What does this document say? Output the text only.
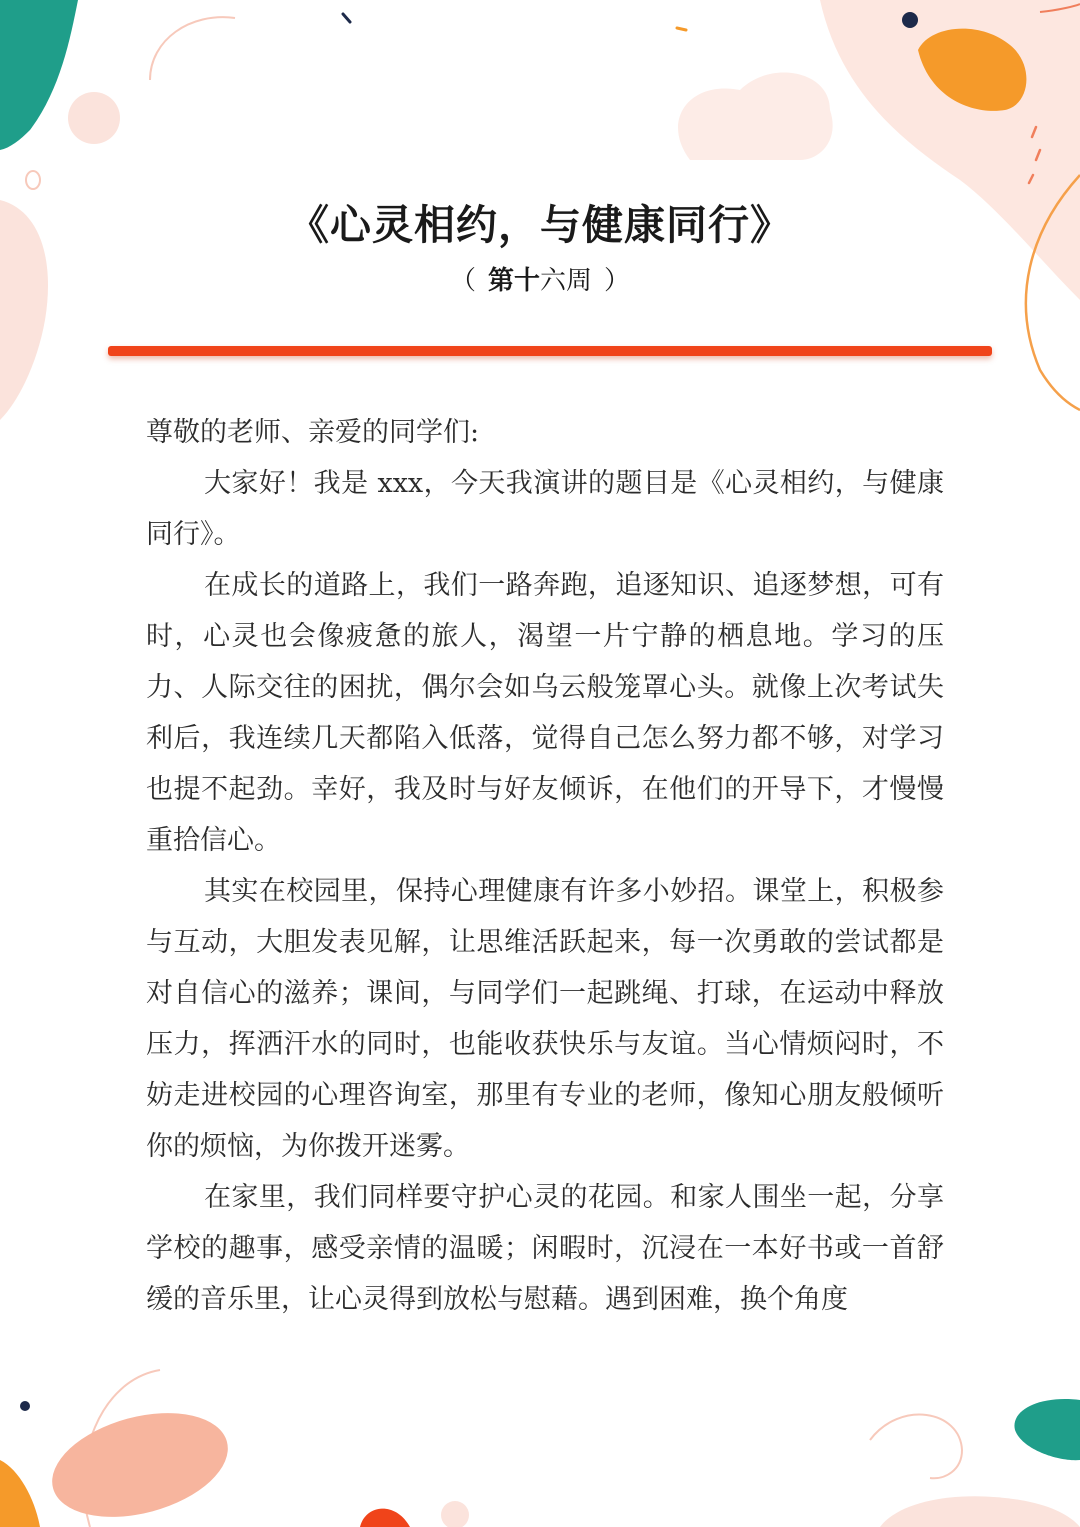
《心灵相约，与健康同行》
（ 第十六周 ）

尊敬的老师、亲爱的同学们:

大家好！我是 xxx，今天我演讲的题目是《心灵相约，与健康同行》。

在成长的道路上，我们一路奔跑，追逐知识、追逐梦想，可有时，心灵也会像疲惫的旅人，渴望一片宁静的栖息地。学习的压力、人际交往的困扰，偶尔会如乌云般笼罩心头。就像上次考试失利后，我连续几天都陷入低落，觉得自己怎么努力都不够，对学习也提不起劲。幸好，我及时与好友倾诉，在他们的开导下，才慢慢重拾信心。

其实在校园里，保持心理健康有许多小妙招。课堂上，积极参与互动，大胆发表见解，让思维活跃起来，每一次勇敢的尝试都是对自信心的滋养；课间，与同学们一起跳绳、打球，在运动中释放压力，挥洒汗水的同时，也能收获快乐与友谊。当心情烦闷时，不妨走进校园的心理咨询室，那里有专业的老师，像知心朋友般倾听你的烦恼，为你拨开迷雾。

在家里，我们同样要守护心灵的花园。和家人围坐一起，分享学校的趣事，感受亲情的温暖；闲暇时，沉浸在一本好书或一首舒缓的音乐里，让心灵得到放松与慰藉。遇到困难，换个角度
